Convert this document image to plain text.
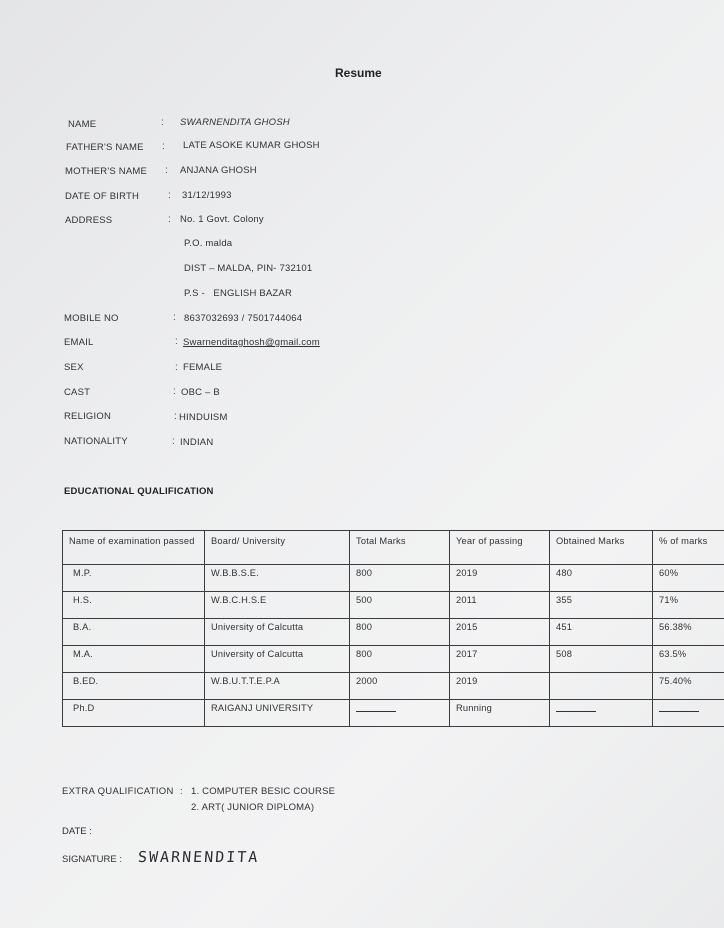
Resume
NAME	: SWARNENDITA GHOSH
FATHER'S NAME : LATE ASOKE KUMAR GHOSH
MOTHER'S NAME : ANJANA GHOSH
DATE OF BIRTH	: 31/12/1993
ADDRESS	: No. 1 Govt. Colony
P.O. malda
DIST – MALDA, PIN- 732101
P.S -   ENGLISH BAZAR
MOBILE NO	: 8637032693 / 7501744064
EMAIL	: Swarnenditaghosh@gmail.com
SEX	: FEMALE
CAST	: OBC – B
RELIGION	: HINDUISM
NATIONALITY	: INDIAN
EDUCATIONAL QUALIFICATION
Name of examination passed	Board/ University	Total Marks	Year of passing	Obtained Marks	% of marks
M.P.	W.B.B.S.E.	800	2019	480	60%
H.S.	W.B.C.H.S.E	500	2011	355	71%
B.A.	University of Calcutta	800	2015	451	56.38%
M.A.	University of Calcutta	800	2017	508	63.5%
B.ED.	W.B.U.T.T.E.P.A	2000	2019		75.40%
Ph.D	RAIGANJ UNIVERSITY		Running		
EXTRA QUALIFICATION : 1. COMPUTER BESIC COURSE
2. ART( JUNIOR DIPLOMA)
DATE :
SIGNATURE : SWARNENDITA
